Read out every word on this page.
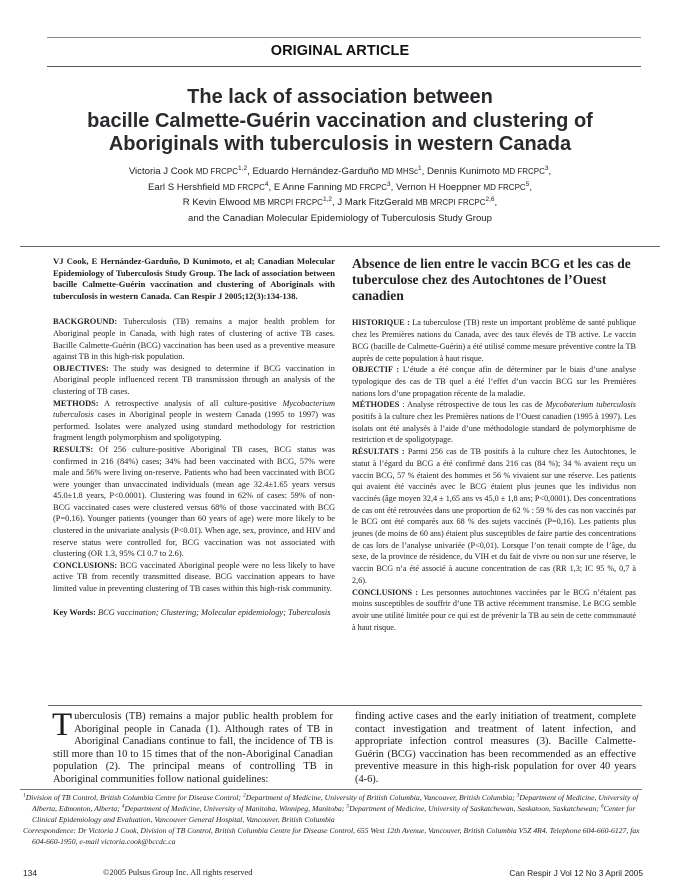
ORIGINAL ARTICLE
The lack of association between
bacille Calmette-Guérin vaccination and clustering of
Aboriginals with tuberculosis in western Canada
Victoria J Cook MD FRCPC$^{1,2}$, Eduardo Hernández-Garduño MD MHSc$^1$, Dennis Kunimoto MD FRCPC$^3$,
Earl S Hershfield MD FRCPC$^4$, E Anne Fanning MD FRCPC$^3$, Vernon H Hoeppner MD FRCPC$^5$,
R Kevin Elwood MB MRCPI FRCPC$^{1,2}$, J Mark FitzGerald MB MRCPI FRCPC$^{2,6}$,
and the Canadian Molecular Epidemiology of Tuberculosis Study Group

VJ Cook, E Hernández-Garduño, D Kunimoto, et al; Canadian Molecular Epidemiology of Tuberculosis Study Group. The lack of association between bacille Calmette-Guérin vaccination and clustering of Aboriginals with tuberculosis in western Canada. Can Respir J 2005;12(3):134-138.

BACKGROUND: Tuberculosis (TB) remains a major health problem for Aboriginal people in Canada, with high rates of clustering of active TB cases. Bacille Calmette-Guérin (BCG) vaccination has been used as a preventive measure against TB in this high-risk population.

OBJECTIVES: The study was designed to determine if BCG vaccination in Aboriginal people influenced recent TB transmission through an analysis of the clustering of TB cases.

METHODS: A retrospective analysis of all culture-positive Mycobacterium tuberculosis cases in Aboriginal people in western Canada (1995 to 1997) was performed. Isolates were analyzed using standard methodology for restriction fragment length polymorphism and spoligotyping.

RESULTS: Of 256 culture-positive Aboriginal TB cases, BCG status was confirmed in 216 (84%) cases; 34% had been vaccinated with BCG, 57% were male and 56% were living on-reserve. Patients who had been vaccinated with BCG were younger than unvaccinated individuals (mean age 32.4±1.65 years versus 45.0±1.8 years, P<0.0001). Clustering was found in 62% of cases: 59% of non-BCG vaccinated cases were clustered versus 68% of those vaccinated with BCG (P=0.16). Younger patients (younger than 60 years of age) were more likely to be clustered in the univariate analysis (P<0.01). When age, sex, province, and HIV and reserve status were controlled for, BCG vaccination was not associated with clustering (OR 1.3, 95% CI 0.7 to 2.6).

CONCLUSIONS: BCG vaccinated Aboriginal people were no less likely to have active TB from recently transmitted disease. BCG vaccination appears to have limited value in preventing clustering of TB cases within this high-risk community.

Key Words: BCG vaccination; Clustering; Molecular epidemiology; Tuberculosis

Absence de lien entre le vaccin BCG et les cas de tuberculose chez des Autochtones de l’Ouest canadien

HISTORIQUE : La tuberculose (TB) reste un important problème de santé publique chez les Premières nations du Canada, avec des taux élevés de TB active. Le vaccin BCG (bacille de Calmette-Guérin) a été utilisé comme mesure préventive contre la TB auprès de cette population à haut risque.

OBJECTIF : L’étude a été conçue afin de déterminer par le biais d’une analyse typologique des cas de TB quel a été l’effet d’un vaccin BCG sur les Premières nations lors d’une propagation récente de la maladie.

MÉTHODES : Analyse rétrospective de tous les cas de Mycobaterium tuberculosis positifs à la culture chez les Premières nations de l’Ouest canadien (1995 à 1997). Les isolats ont été analysés à l’aide d’une méthodologie standard de polymorphisme de restriction et de spoligotypage.

RÉSULTATS : Parmi 256 cas de TB positifs à la culture chez les Autochtones, le statut à l’égard du BCG a été confirmé dans 216 cas (84 %); 34 % avaient reçu un vaccin BCG, 57 % étaient des hommes et 56 % vivaient sur une réserve. Les patients qui avaient été vaccinés avec le BCG étaient plus jeunes que les individus non vaccinés (âge moyen 32,4 ± 1,65 ans vs 45,0 ± 1,8 ans; P<0,0001). Des concentrations de cas ont été retrouvées dans une proportion de 62 % : 59 % des cas non vaccinés par le BCG ont été comparés aux 68 % des sujets vaccinés (P=0,16). Les patients plus jeunes (de moins de 60 ans) étaient plus susceptibles de faire partie des concentrations de cas lors de l’analyse univariée (P<0,01). Lorsque l’on tenait compte de l’âge, du sexe, de la province de résidence, du VIH et du fait de vivre ou non sur une réserve, le vaccin BCG n’a été associé à aucune concentration de cas (RR 1,3; IC 95 %, 0,7 à 2,6).

CONCLUSIONS : Les personnes autochtones vaccinées par le BCG n’étaient pas moins susceptibles de souffrir d’une TB active récemment transmise. Le BCG semble avoir une utilité limitée pour ce qui est de prévenir la TB au sein de cette communauté à haut risque.

Tuberculosis (TB) remains a major public health problem for Aboriginal people in Canada (1). Although rates of TB in Aboriginal Canadians continue to fall, the incidence of TB is still more than 10 to 15 times that of the non-Aboriginal Canadian population (2). The principal means of controlling TB in Aboriginal communities follow national guidelines:
finding active cases and the early initiation of treatment, complete contact investigation and treatment of latent infection, and appropriate infection control measures (3). Bacille Calmette-Guérin (BCG) vaccination has been recommended as an effective preventive measure in this high-risk population for over 40 years (4-6).

$^1$Division of TB Control, British Columbia Centre for Disease Control; $^2$Department of Medicine, University of British Columbia, Vancouver, British Columbia; $^3$Department of Medicine, University of Alberta, Edmonton, Alberta; $^4$Department of Medicine, University of Manitoba, Winnipeg, Manitoba; $^5$Department of Medicine, University of Saskatchewan, Saskatoon, Saskatchewan; $^6$Center for Clinical Epidemiology and Evaluation, Vancouver General Hospital, Vancouver, British Columbia

Correspondence: Dr Victoria J Cook, Division of TB Control, British Columbia Centre for Disease Control, 655 West 12th Avenue, Vancouver, British Columbia V5Z 4R4. Telephone 604-660-6127, fax 604-660-1950, e-mail victoria.cook@bccdc.ca

134	©2005 Pulsus Group Inc. All rights reserved	Can Respir J Vol 12 No 3 April 2005
